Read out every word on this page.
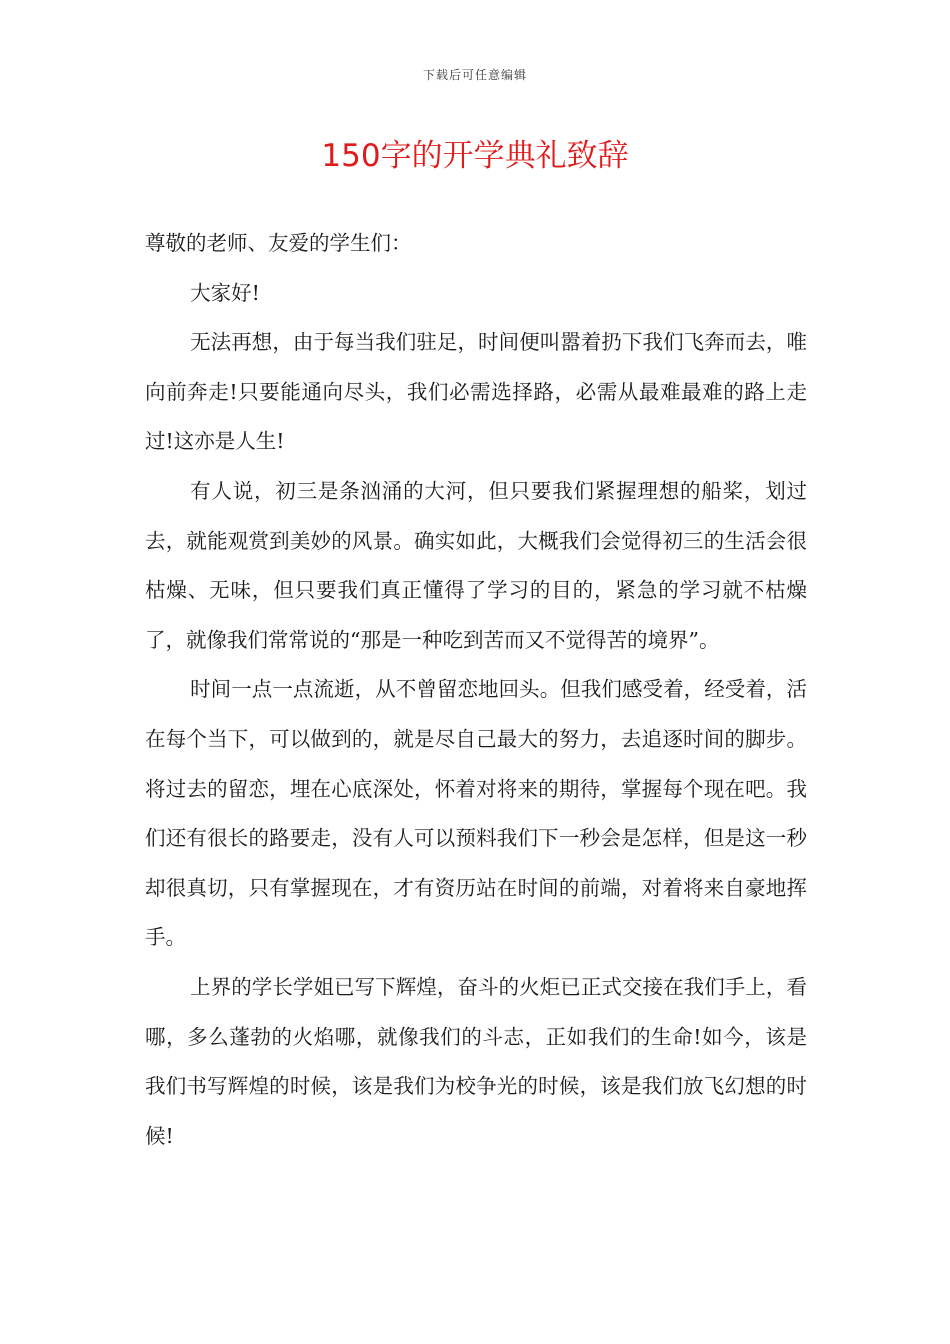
下载后可任意编辑
150字的开学典礼致辞

尊敬的老师、友爱的学生们：

大家好!

无法再想，由于每当我们驻足，时间便叫嚣着扔下我们飞奔而去，唯向前奔走!只要能通向尽头，我们必需选择路，必需从最难最难的路上走过!这亦是人生!

有人说，初三是条汹涌的大河，但只要我们紧握理想的船桨，划过去，就能观赏到美妙的风景。确实如此，大概我们会觉得初三的生活会很枯燥、无味，但只要我们真正懂得了学习的目的，紧急的学习就不枯燥了，就像我们常常说的“那是一种吃到苦而又不觉得苦的境界”。

时间一点一点流逝，从不曾留恋地回头。但我们感受着，经受着，活在每个当下，可以做到的，就是尽自己最大的努力，去追逐时间的脚步。将过去的留恋，埋在心底深处，怀着对将来的期待，掌握每个现在吧。我们还有很长的路要走，没有人可以预料我们下一秒会是怎样，但是这一秒却很真切，只有掌握现在，才有资历站在时间的前端，对着将来自豪地挥手。

上界的学长学姐已写下辉煌，奋斗的火炬已正式交接在我们手上，看哪，多么蓬勃的火焰哪，就像我们的斗志，正如我们的生命!如今，该是我们书写辉煌的时候，该是我们为校争光的时候，该是我们放飞幻想的时候!
